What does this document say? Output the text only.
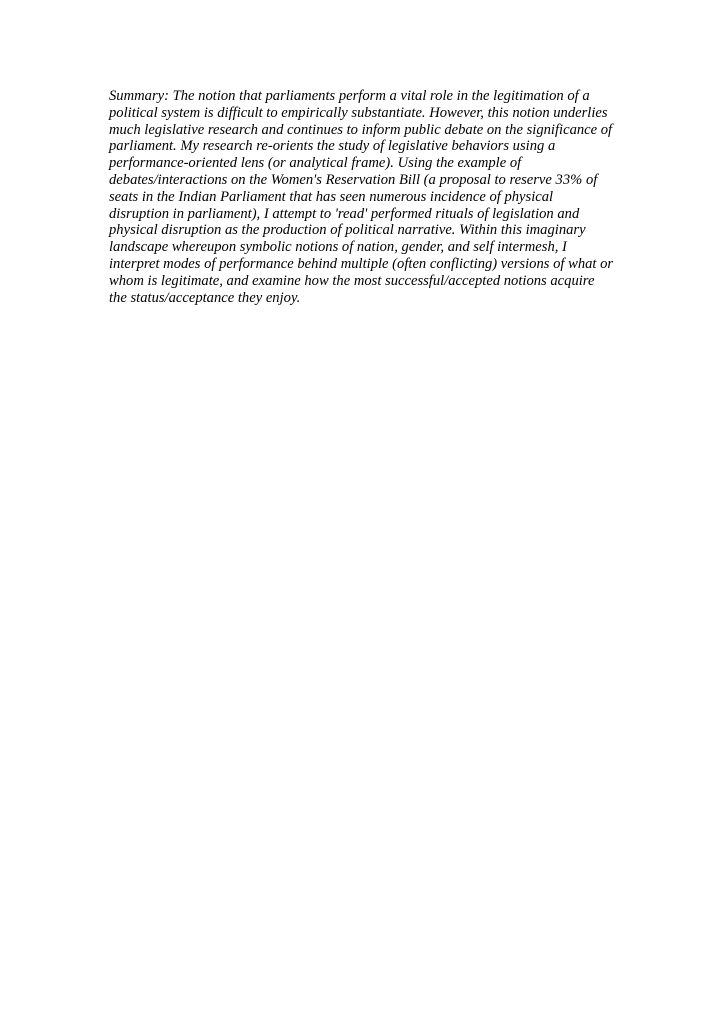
Summary: The notion that parliaments perform a vital role in the legitimation of a
political system is difficult to empirically substantiate. However, this notion underlies
much legislative research and continues to inform public debate on the significance of
parliament. My research re-orients the study of legislative behaviors using a
performance-oriented lens (or analytical frame). Using the example of
debates/interactions on the Women's Reservation Bill (a proposal to reserve 33% of
seats in the Indian Parliament that has seen numerous incidence of physical
disruption in parliament), I attempt to 'read' performed rituals of legislation and
physical disruption as the production of political narrative. Within this imaginary
landscape whereupon symbolic notions of nation, gender, and self intermesh, I
interpret modes of performance behind multiple (often conflicting) versions of what or
whom is legitimate, and examine how the most successful/accepted notions acquire
the status/acceptance they enjoy.
